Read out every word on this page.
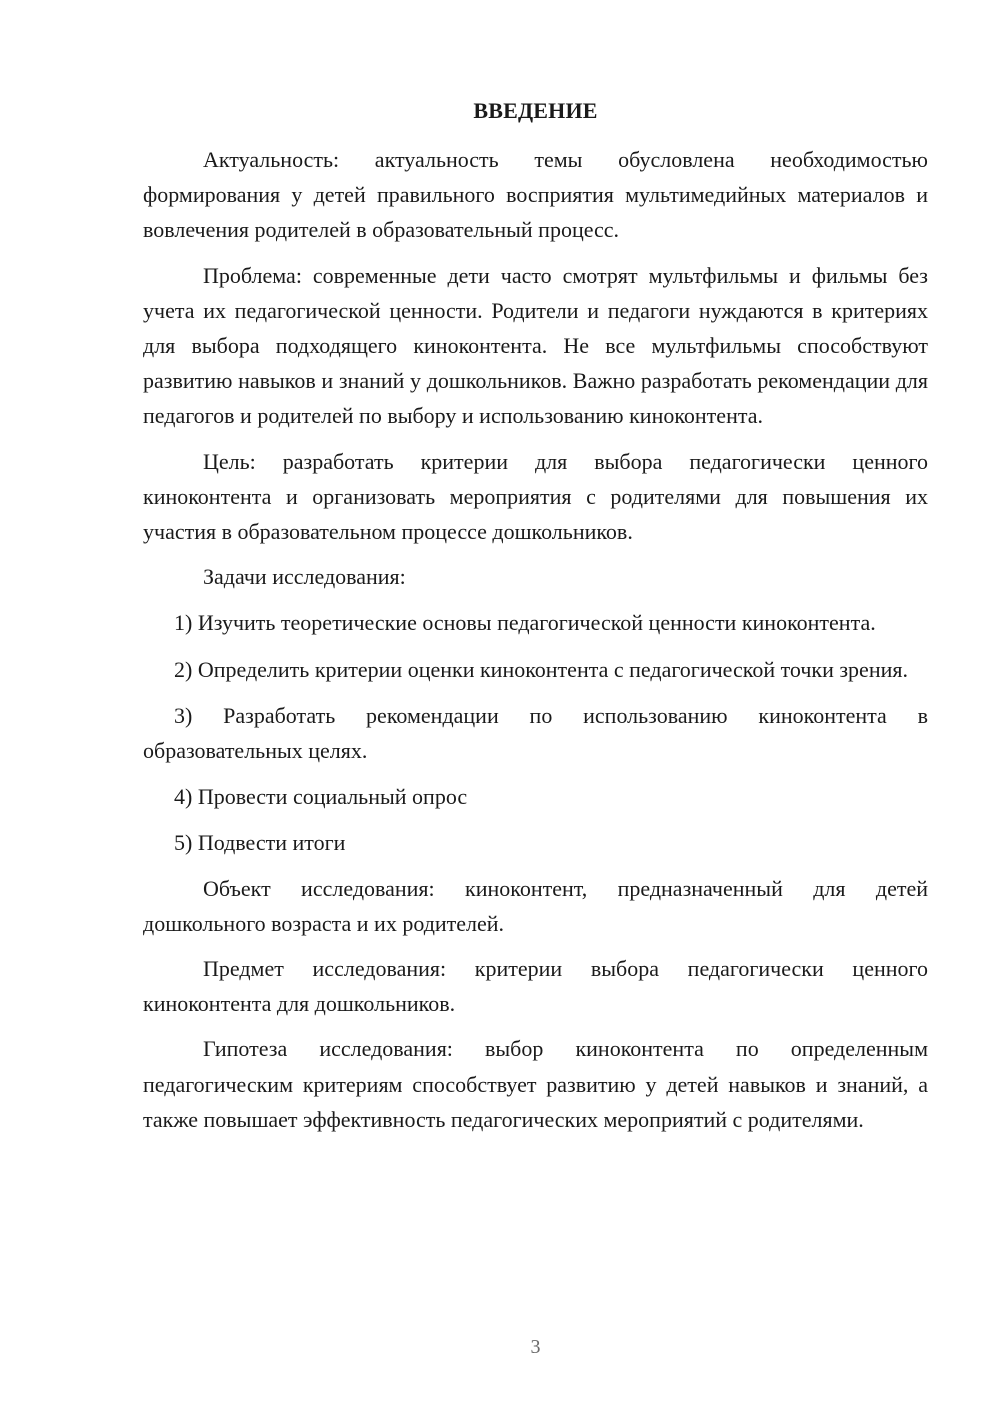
ВВЕДЕНИЕ

Актуальность: актуальность темы обусловлена необходимостью формирования у детей правильного восприятия мультимедийных материалов и вовлечения родителей в образовательный процесс.

Проблема: современные дети часто смотрят мультфильмы и фильмы без учета их педагогической ценности. Родители и педагоги нуждаются в критериях для выбора подходящего киноконтента. Не все мультфильмы способствуют развитию навыков и знаний у дошкольников. Важно разработать рекомендации для педагогов и родителей по выбору и использованию киноконтента.

Цель: разработать критерии для выбора педагогически ценного киноконтента и организовать мероприятия с родителями для повышения их участия в образовательном процессе дошкольников.

Задачи исследования:

1) Изучить теоретические основы педагогической ценности киноконтента.

2) Определить критерии оценки киноконтента с педагогической точки зрения.

3) Разработать рекомендации по использованию киноконтента в образовательных целях.

4) Провести социальный опрос

5) Подвести итоги

Объект исследования: киноконтент, предназначенный для детей дошкольного возраста и их родителей.

Предмет исследования: критерии выбора педагогически ценного киноконтента для дошкольников.

Гипотеза исследования: выбор киноконтента по определенным педагогическим критериям способствует развитию у детей навыков и знаний, а также повышает эффективность педагогических мероприятий с родителями.

3
